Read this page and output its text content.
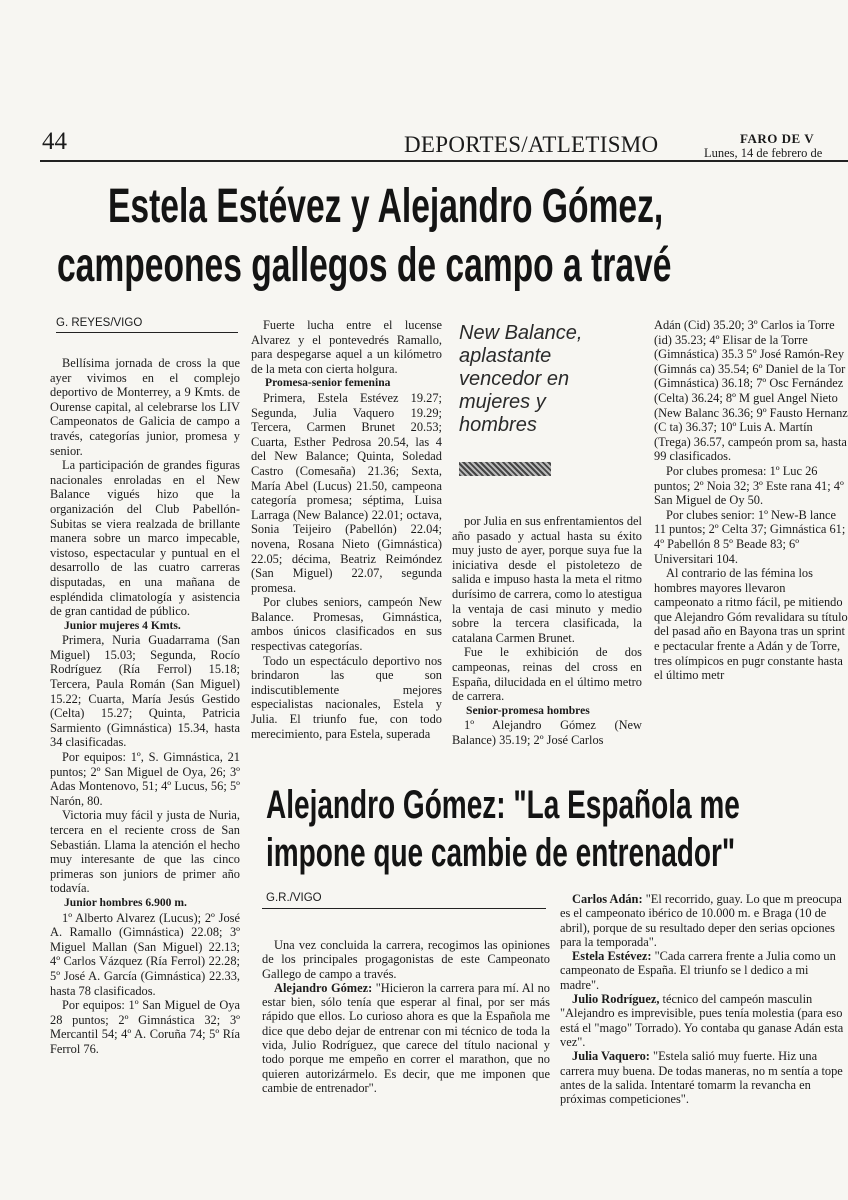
44	DEPORTES/ATLETISMO	FARO DE V
Lunes, 14 de febrero de
Estela Estévez y Alejandro Gómez,
campeones gallegos de campo a travé
G. REYES/VIGO

Bellísima jornada de cross la que ayer vivimos en el complejo deportivo de Monterrey, a 9 Kmts. de Ourense capital, al celebrarse los LIV Campeonatos de Galicia de campo a través, categorías junior, promesa y senior.

La participación de grandes figuras nacionales enroladas en el New Balance vigués hizo que la organización del Club Pabellón-Subitas se viera realzada de brillante manera sobre un marco impecable, vistoso, espectacular y puntual en el desarrollo de las cuatro carreras disputadas, en una mañana de espléndida climatología y asistencia de gran cantidad de público.

Junior mujeres 4 Kmts.

Primera, Nuria Guadarrama (San Miguel) 15.03; Segunda, Rocío Rodríguez (Ría Ferrol) 15.18; Tercera, Paula Román (San Miguel) 15.22; Cuarta, María Jesús Gestido (Celta) 15.27; Quinta, Patricia Sarmiento (Gimnástica) 15.34, hasta 34 clasificadas.

Por equipos: 1º, S. Gimnástica, 21 puntos; 2º San Miguel de Oya, 26; 3º Adas Montenovo, 51; 4º Lucus, 56; 5º Narón, 80.

Victoria muy fácil y justa de Nuria, tercera en el reciente cross de San Sebastián. Llama la atención el hecho muy interesante de que las cinco primeras son juniors de primer año todavía.

Junior hombres 6.900 m.

1º Alberto Alvarez (Lucus); 2º José A. Ramallo (Gimnástica) 22.08; 3º Miguel Mallan (San Miguel) 22.13; 4º Carlos Vázquez (Ría Ferrol) 22.28; 5º José A. García (Gimnástica) 22.33, hasta 78 clasificados.

Por equipos: 1º San Miguel de Oya 28 puntos; 2º Gimnástica 32; 3º Mercantil 54; 4º A. Coruña 74; 5º Ría Ferrol 76.

Fuerte lucha entre el lucense Alvarez y el pontevedrés Ramallo, para despegarse aquel a un kilómetro de la meta con cierta holgura.

Promesa-senior femenina

Primera, Estela Estévez 19.27; Segunda, Julia Vaquero 19.29; Tercera, Carmen Brunet 20.53; Cuarta, Esther Pedrosa 20.54, las 4 del New Balance; Quinta, Soledad Castro (Comesaña) 21.36; Sexta, María Abel (Lucus) 21.50, campeona categoría promesa; séptima, Luisa Larraga (New Balance) 22.01; octava, Sonia Teijeiro (Pabellón) 22.04; novena, Rosana Nieto (Gimnástica) 22.05; décima, Beatriz Reimóndez (San Miguel) 22.07, segunda promesa.

Por clubes seniors, campeón New Balance. Promesas, Gimnástica, ambos únicos clasificados en sus respectivas categorías.

Todo un espectáculo deportivo nos brindaron las que son indiscutiblemente mejores especialistas nacionales, Estela y Julia. El triunfo fue, con todo merecimiento, para Estela, superada

New Balance, aplastante vencedor en mujeres y hombres

por Julia en sus enfrentamientos del año pasado y actual hasta su éxito muy justo de ayer, porque suya fue la iniciativa desde el pistoletezo de salida e impuso hasta la meta el ritmo durísimo de carrera, como lo atestigua la ventaja de casi minuto y medio sobre la tercera clasificada, la catalana Carmen Brunet.

Fue le exhibición de dos campeonas, reinas del cross en España, dilucidada en el último metro de carrera.

Senior-promesa hombres

1º Alejandro Gómez (New Balance) 35.19; 2º José Carlos

Adán (Cid) 35.20; 3º Carlos ia Torre (id) 35.23; 4º Elisar de la Torre (Gimnástica) 35.3 5º José Ramón-Rey (Gimnás ca) 35.54; 6º Daniel de la Tor (Gimnástica) 36.18; 7º Osc Fernández (Celta) 36.24; 8º M guel Angel Nieto (New Balanc 36.36; 9º Fausto Hernanz (C ta) 36.37; 10º Luis A. Martín (Trega) 36.57, campeón prom sa, hasta 99 clasificados.

Por clubes promesa: 1º Luc 26 puntos; 2º Noia 32; 3º Este rana 41; 4º San Miguel de Oy 50.

Por clubes senior: 1º New-B lance 11 puntos; 2º Celta 37; Gimnástica 61; 4º Pabellón 8 5º Beade 83; 6º Universitari 104.

Al contrario de las fémina los hombres mayores llevaron campeonato a ritmo fácil, pe mitiendo que Alejandro Góm revalidara su título del pasad año en Bayona tras un sprint e pectacular frente a Adán y de Torre, tres olímpicos en pugr constante hasta el último metr

Alejandro Gómez: "La Española me
impone que cambie de entrenador"
G.R./VIGO

Una vez concluida la carrera, recogimos las opiniones de los principales progagonistas de este Campeonato Gallego de campo a través.

Alejandro Gómez: "Hicieron la carrera para mí. Al no estar bien, sólo tenía que esperar al final, por ser más rápido que ellos. Lo curioso ahora es que la Española me dice que debo dejar de entrenar con mi técnico de toda la vida, Julio Rodríguez, que carece del título nacional y todo porque me empeño en correr el marathon, que no quieren autorizármelo. Es decir, que me imponen que cambie de entrenador".

Carlos Adán: "El recorrido, guay. Lo que m preocupa es el campeonato ibérico de 10.000 m. e Braga (10 de abril), porque de su resultado deper den serias opciones para la temporada".

Estela Estévez: "Cada carrera frente a Julia como un campeonato de España. El triunfo se l dedico a mi madre".

Julio Rodríguez, técnico del campeón masculin "Alejandro es imprevisible, pues tenía molestia (para eso está el "mago" Torrado). Yo contaba qu ganase Adán esta vez".

Julia Vaquero: "Estela salió muy fuerte. Hiz una carrera muy buena. De todas maneras, no m sentía a tope antes de la salida. Intentaré tomarm la revancha en próximas competiciones".
